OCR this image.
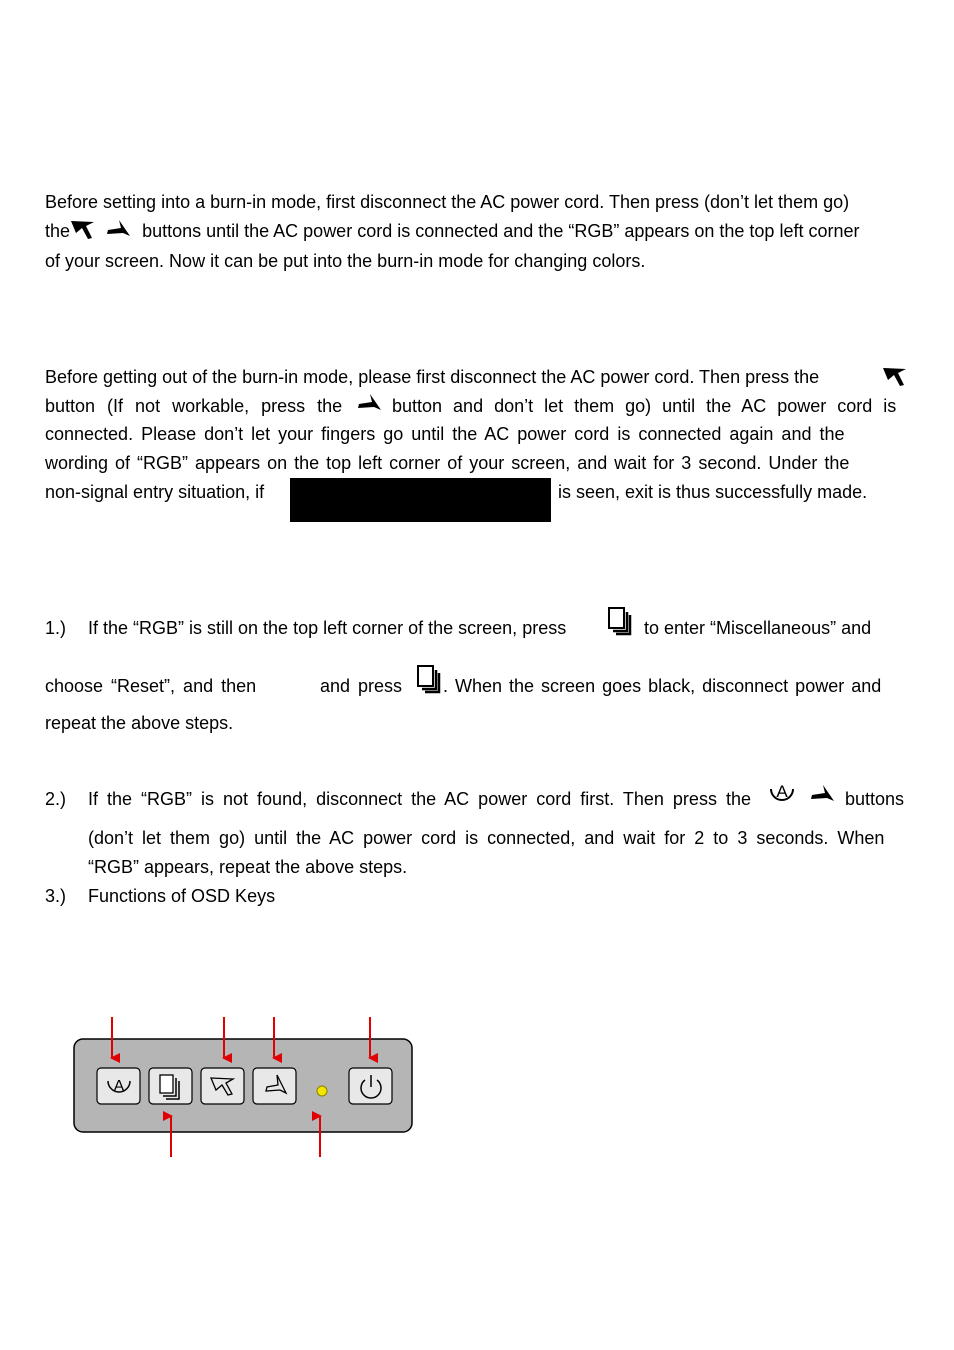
Before setting into a burn-in mode, first disconnect the AC power cord. Then press (don’t let them go)
the	buttons until the AC power cord is connected and the “RGB” appears on the top left corner
of your screen. Now it can be put into the burn-in mode for changing colors.
Before getting out of the burn-in mode, please first disconnect the AC power cord. Then press the
button (If not workable, press the	button and don’t let them go) until the AC power cord is
connected. Please don’t let your fingers go until the AC power cord is connected again and the
wording of “RGB” appears on the top left corner of your screen, and wait for 3 second. Under the
non-signal entry situation, if	is seen, exit is thus successfully made.
1.) If the “RGB” is still on the top left corner of the screen, press	to enter “Miscellaneous” and
choose “Reset”, and then	and press . When the screen goes black, disconnect power and
repeat the above steps.
2.) If the “RGB” is not found, disconnect the AC power cord first. Then press the A	buttons
(don’t let them go) until the AC power cord is connected, and wait for 2 to 3 seconds. When
“RGB” appears, repeat the above steps.
3.) Functions of OSD Keys
A
